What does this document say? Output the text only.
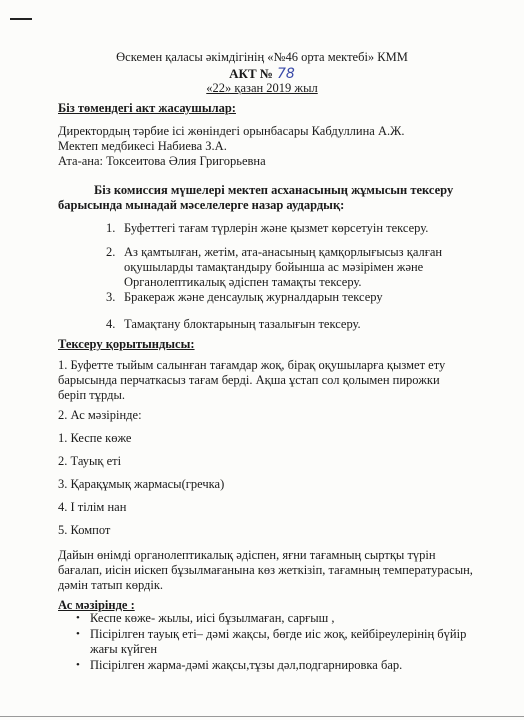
Өскемен қаласы әкімдігінің «№46 орта мектебі» КММ
АКТ № 78
«22» қазан 2019 жыл
Біз төмендегі акт жасаушылар:
Директордың тәрбие ісі жөніндегі орынбасары Кабдуллина А.Ж.
Мектеп медбикесі Набиева З.А.
Ата-ана: Токсеитова Әлия Григорьевна
Біз комиссия мүшелері мектеп асханасының жұмысын тексеру
барысында мынадай мәселелерге назар аудардық:
1. Буфеттегі тағам түрлерін және қызмет көрсетуін тексеру.
2. Аз қамтылған, жетім, ата-анасының қамқорлығысыз қалған
оқушыларды тамақтандыру бойынша ас мәзірімен және
Органолептикалық әдіспен тамақты тексеру.
3. Бракераж және денсаулық журналдарын тексеру
4. Тамақтану блоктарының тазалығын тексеру.
Тексеру қорытындысы:
1. Буфетте тыйым салынған тағамдар жоқ, бірақ оқушыларға қызмет ету
барысында перчаткасыз тағам берді. Ақша ұстап сол қолымен пирожки
беріп тұрды.
2. Ас мәзірінде:
1. Кеспе көже
2. Тауық еті
3. Қарақұмық жармасы(гречка)
4. І тілім нан
5. Компот
Дайын өнімді органолептикалық әдіспен, яғни тағамның сыртқы түрін
бағалап, иісін иіскеп бұзылмағанына көз жеткізіп, тағамның температурасын,
дәмін татып көрдік.
Ас мәзірінде :
• Кеспе көже- жылы, иісі бұзылмаған, сарғыш ,
• Пісірілген тауық еті– дәмі жақсы, бөгде иіс жоқ, кейбіреулерінің бүйір
жағы күйген
• Пісірілген жарма-дәмі жақсы,тұзы дәл,подгарнировка бар.
